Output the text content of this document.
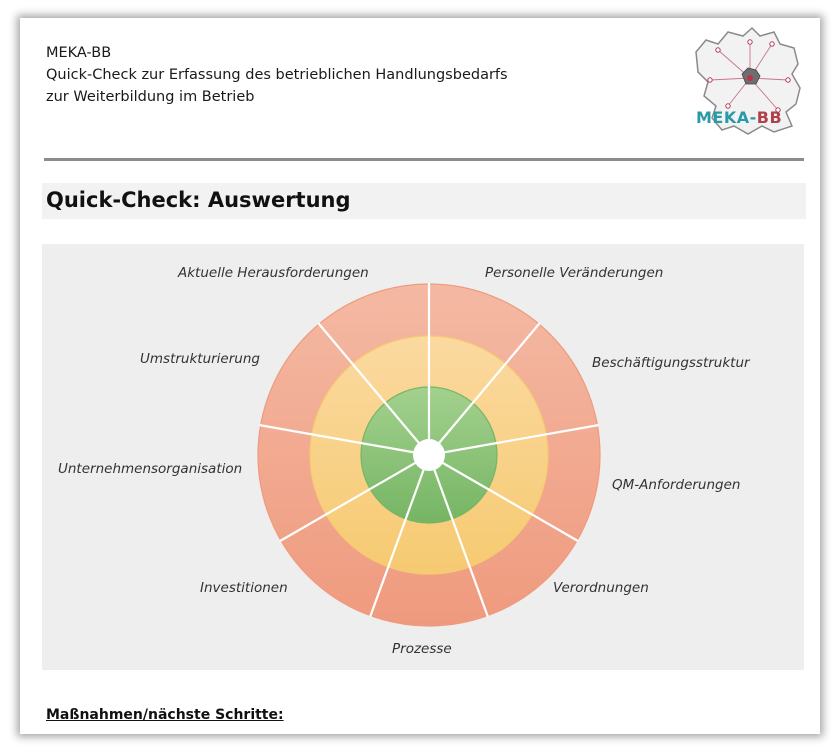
MEKA-BB
Quick-Check zur Erfassung des betrieblichen Handlungsbedarfs
zur Weiterbildung im Betrieb
MEKA-BB
Quick-Check: Auswertung
Aktuelle Herausforderungen	Personelle Veränderungen
Umstrukturierung	Beschäftigungsstruktur
Unternehmensorganisation
QM-Anforderungen
Investitionen	Verordnungen
Prozesse
Maßnahmen/nächste Schritte:
